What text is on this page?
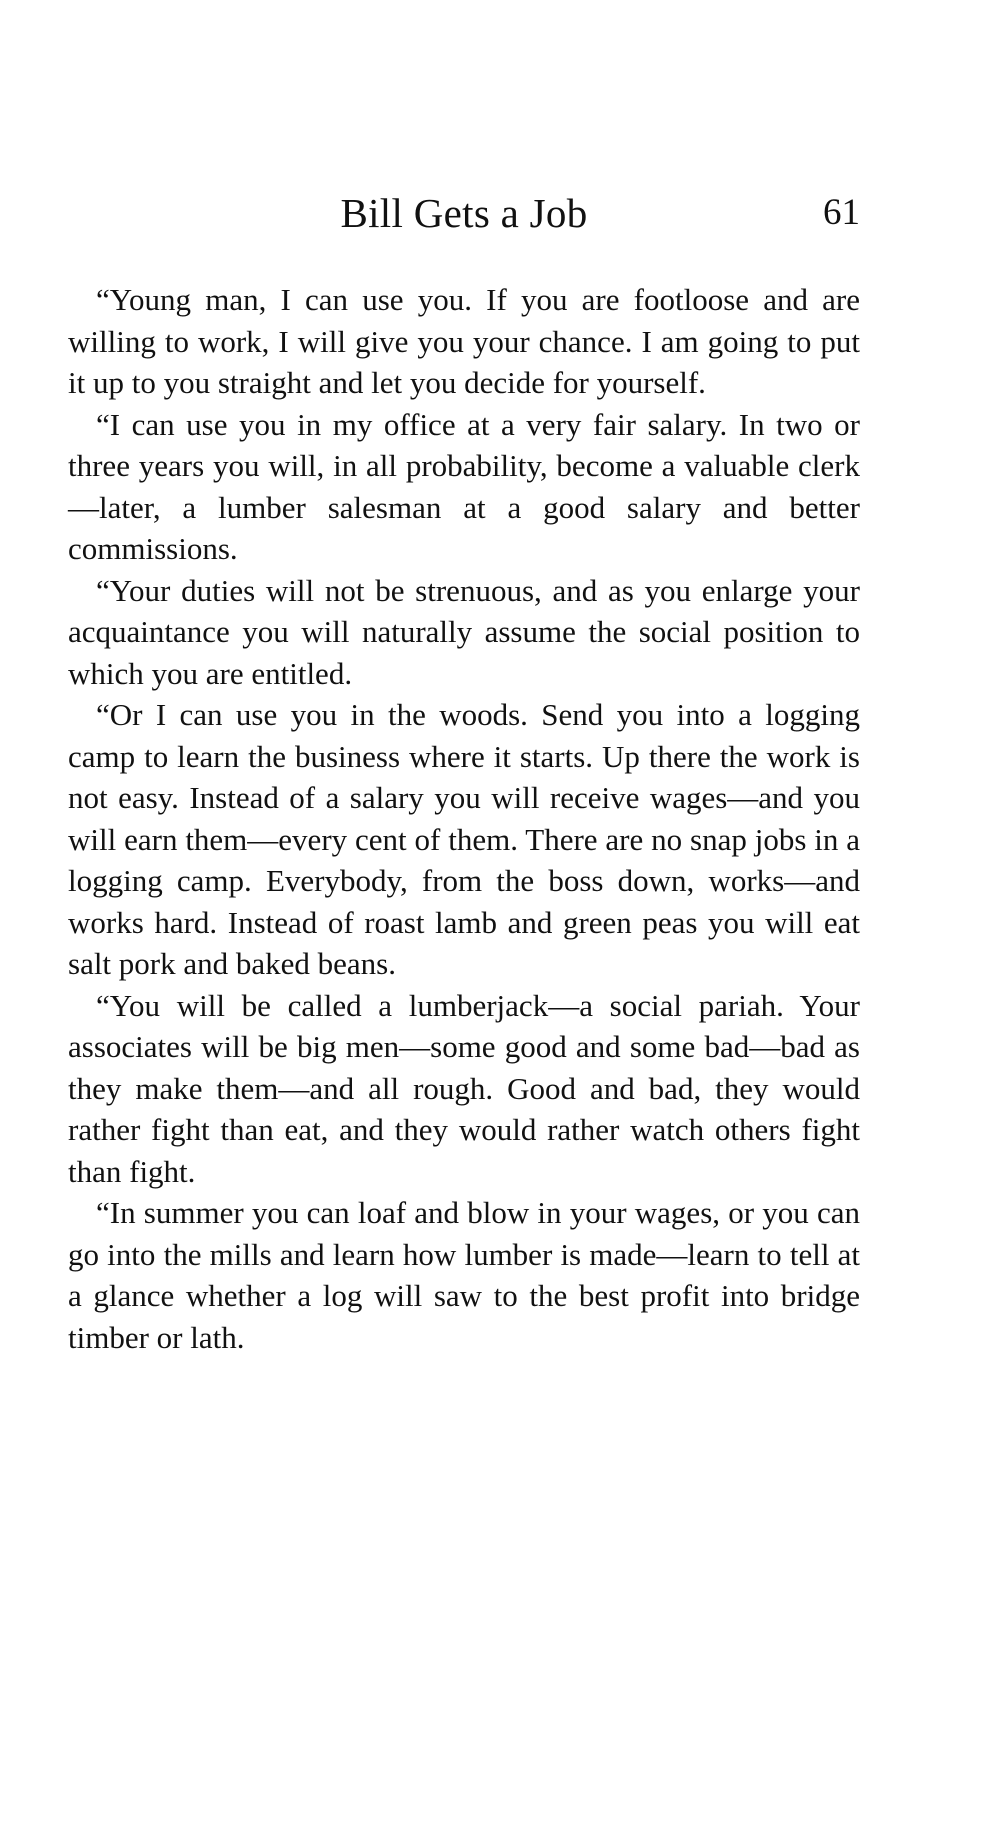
Bill Gets a Job	61

“Young man, I can use you. If you are footloose and are willing to work, I will give you your chance. I am going to put it up to you straight and let you decide for yourself.

“I can use you in my office at a very fair salary. In two or three years you will, in all probability, become a valuable clerk—later, a lumber salesman at a good salary and better commissions.

“Your duties will not be strenuous, and as you enlarge your acquaintance you will naturally assume the social position to which you are entitled.

“Or I can use you in the woods. Send you into a logging camp to learn the business where it starts. Up there the work is not easy. Instead of a salary you will receive wages—and you will earn them—every cent of them. There are no snap jobs in a logging camp. Everybody, from the boss down, works—and works hard. Instead of roast lamb and green peas you will eat salt pork and baked beans.

“You will be called a lumberjack—a social pariah. Your associates will be big men—some good and some bad—bad as they make them—and all rough. Good and bad, they would rather fight than eat, and they would rather watch others fight than fight.

“In summer you can loaf and blow in your wages, or you can go into the mills and learn how lumber is made—learn to tell at a glance whether a log will saw to the best profit into bridge timber or lath.
